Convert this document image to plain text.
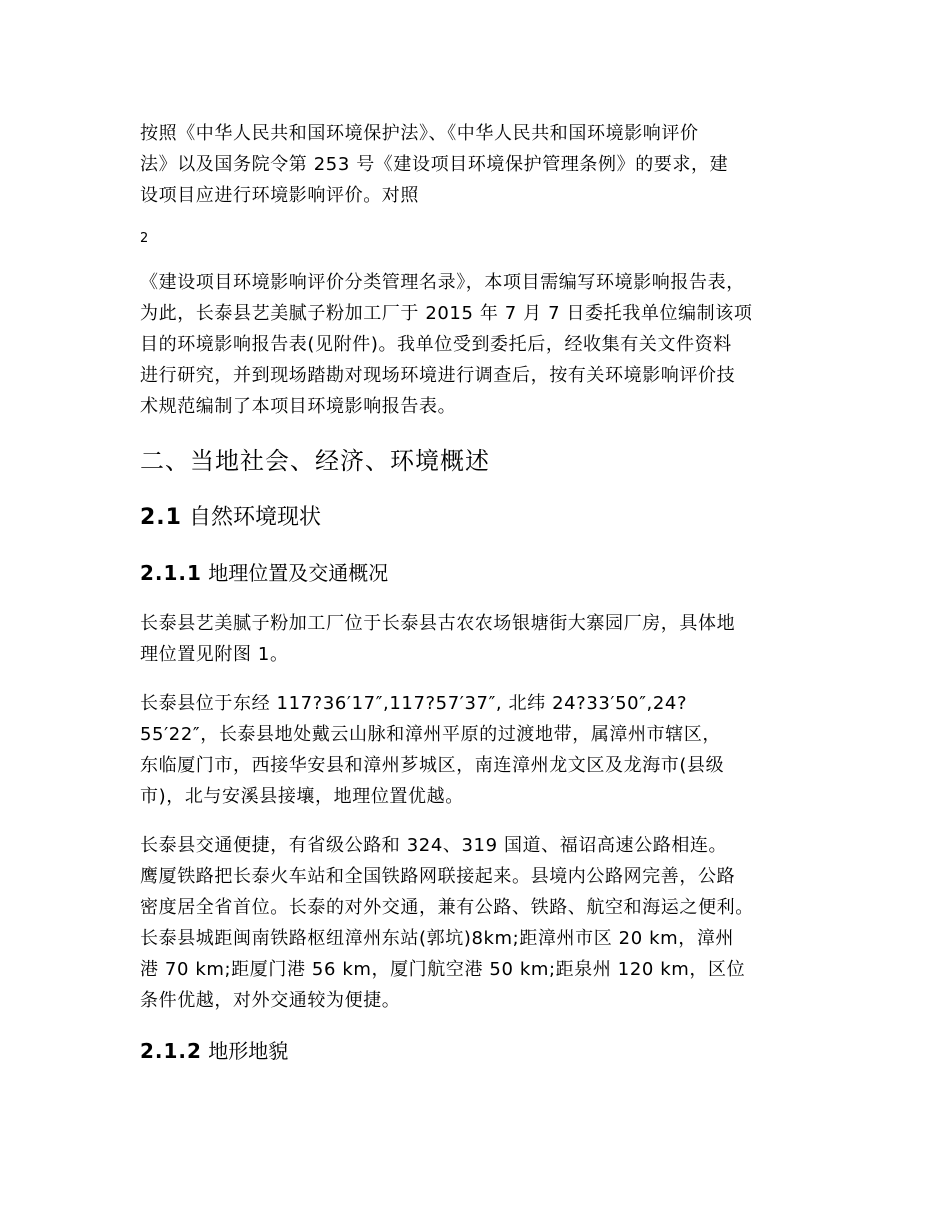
按照《中华人民共和国环境保护法》、《中华人民共和国环境影响评价
法》以及国务院令第 253 号《建设项目环境保护管理条例》的要求，建
设项目应进行环境影响评价。对照

2

《建设项目环境影响评价分类管理名录》，本项目需编写环境影响报告表，
为此，长泰县艺美腻子粉加工厂于 2015 年 7 月 7 日委托我单位编制该项
目的环境影响报告表(见附件)。我单位受到委托后，经收集有关文件资料
进行研究，并到现场踏勘对现场环境进行调查后，按有关环境影响评价技
术规范编制了本项目环境影响报告表。

二、当地社会、经济、环境概述
2.1 自然环境现状
2.1.1 地理位置及交通概况

长泰县艺美腻子粉加工厂位于长泰县古农农场银塘街大寨园厂房，具体地
理位置见附图 1。

长泰县位于东经 117?36′17″,117?57′37″, 北纬 24?33′50″,24?
55′22″，长泰县地处戴云山脉和漳州平原的过渡地带，属漳州市辖区，
东临厦门市，西接华安县和漳州芗城区，南连漳州龙文区及龙海市(县级
市)，北与安溪县接壤，地理位置优越。

长泰县交通便捷，有省级公路和 324、319 国道、福诏高速公路相连。
鹰厦铁路把长泰火车站和全国铁路网联接起来。县境内公路网完善，公路
密度居全省首位。长泰的对外交通，兼有公路、铁路、航空和海运之便利。
长泰县城距闽南铁路枢纽漳州东站(郭坑)8km;距漳州市区 20 km，漳州
港 70 km;距厦门港 56 km，厦门航空港 50 km;距泉州 120 km，区位
条件优越，对外交通较为便捷。

2.1.2 地形地貌
